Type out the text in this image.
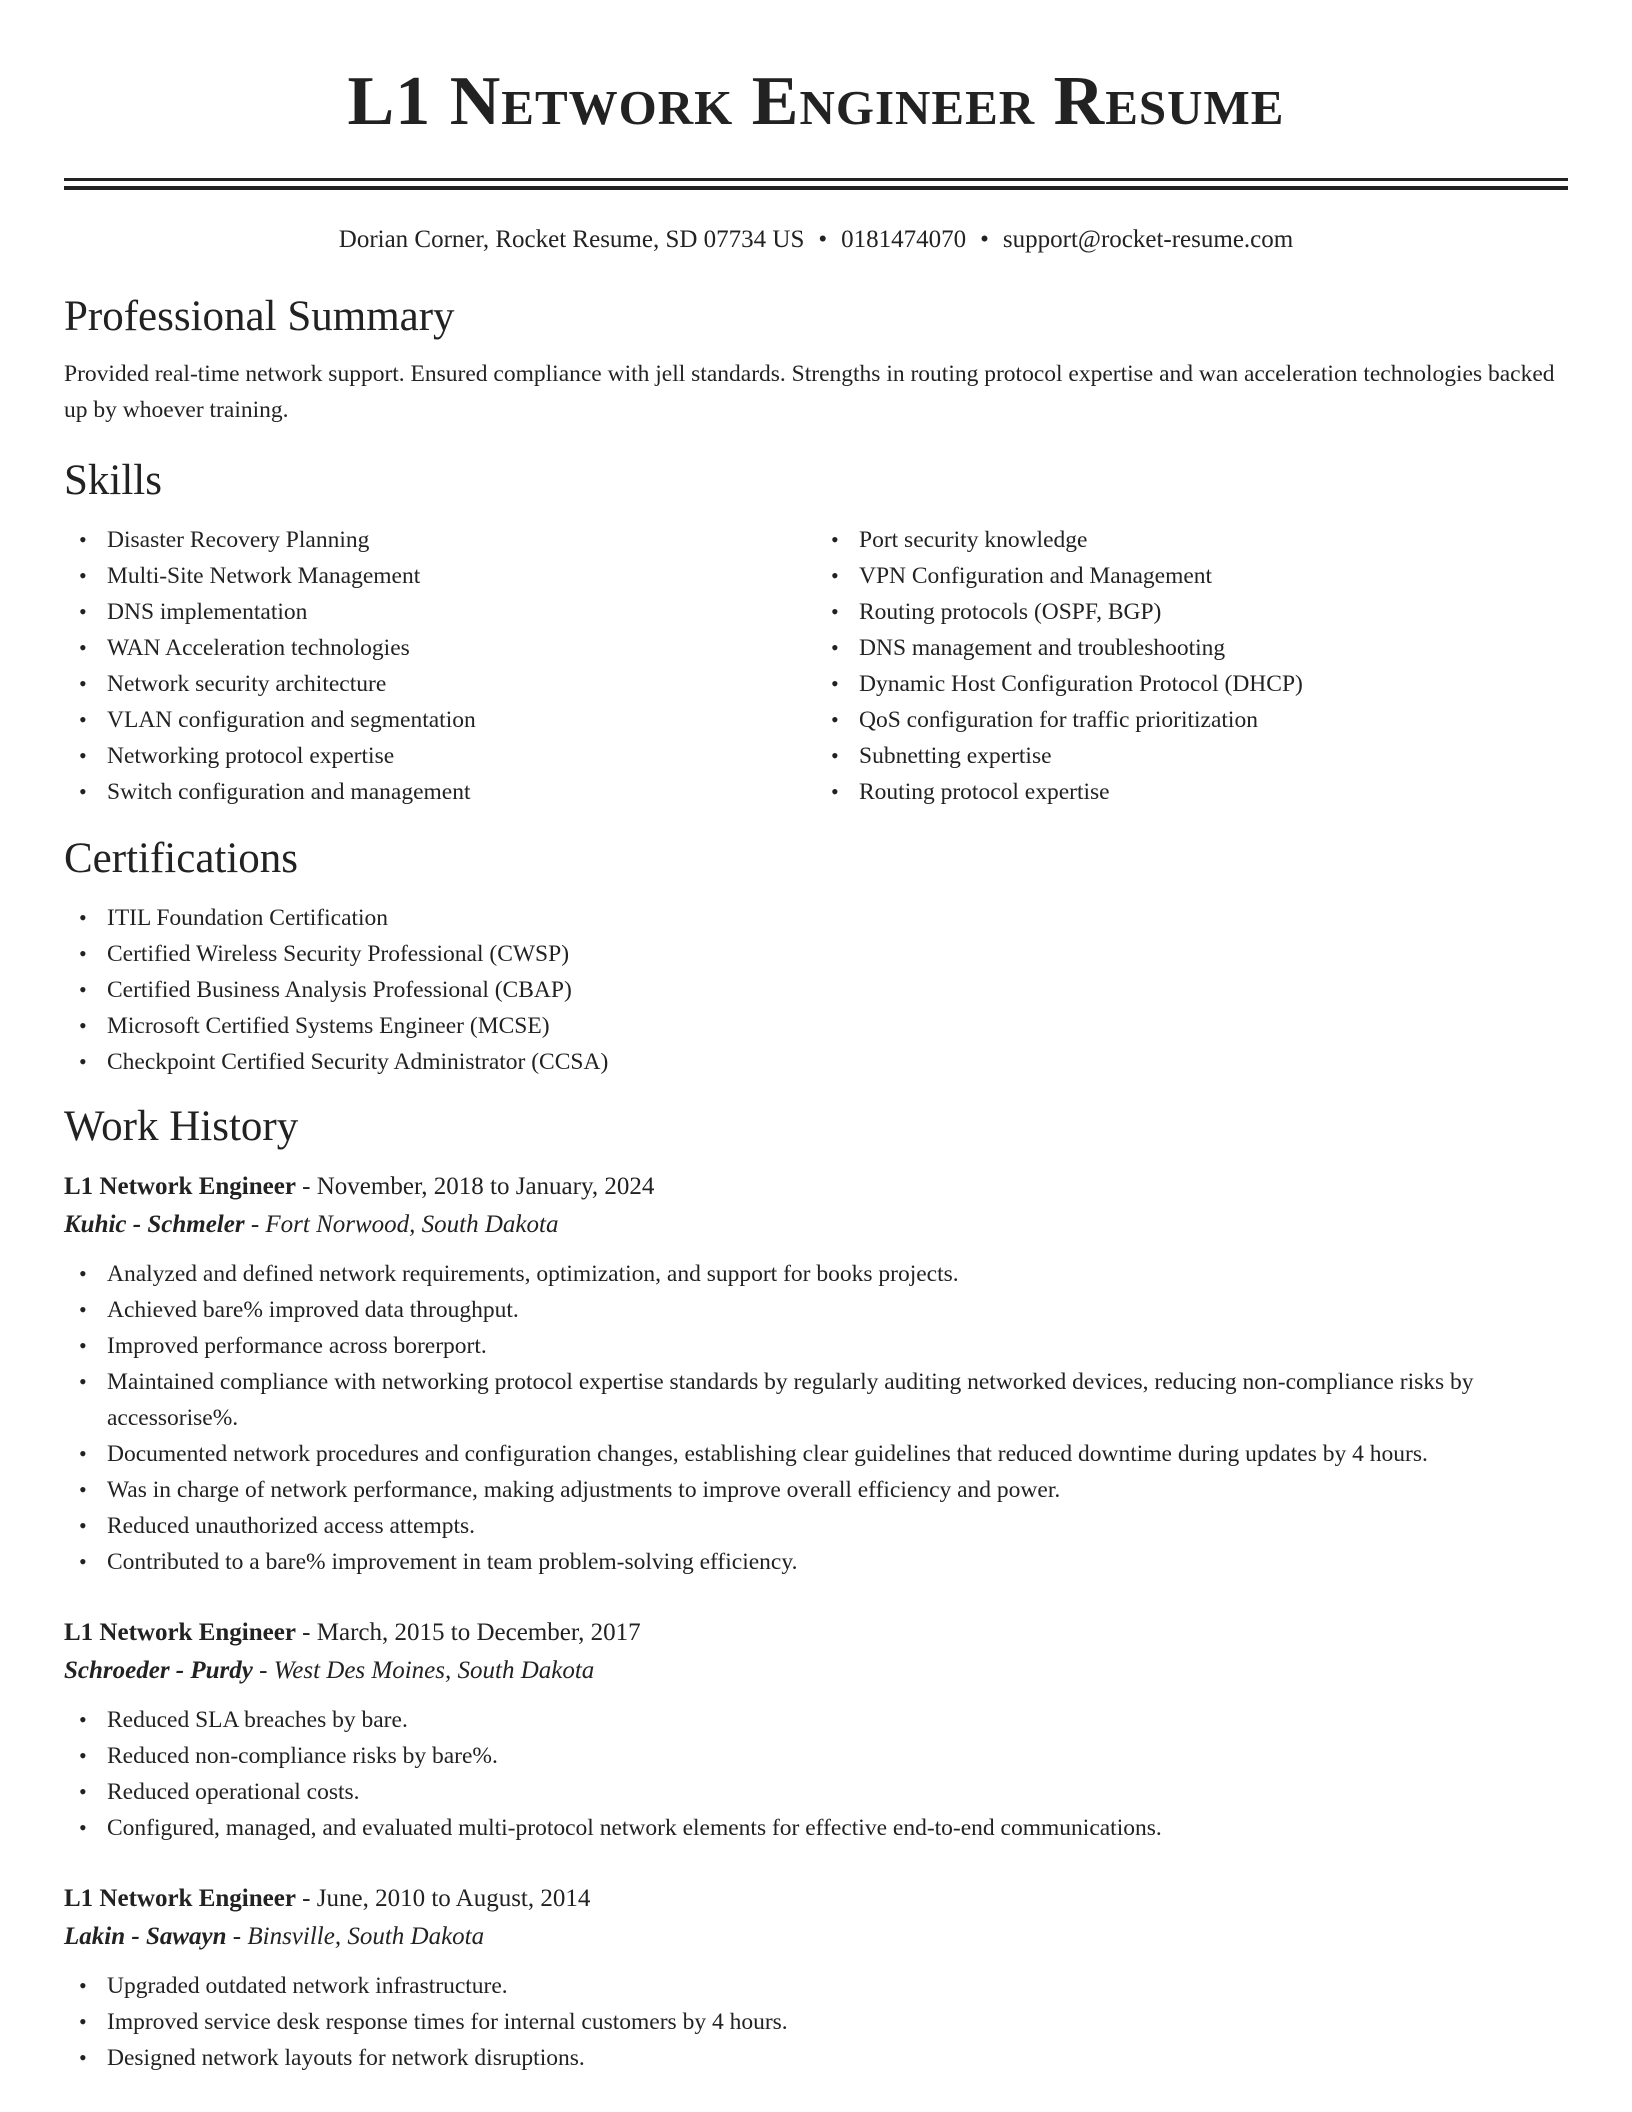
L1 Network Engineer Resume
Dorian Corner, Rocket Resume, SD 07734 US • 0181474070 • support@rocket-resume.com
Professional Summary

Provided real-time network support. Ensured compliance with jell standards. Strengths in routing protocol expertise and wan acceleration technologies backed up by whoever training.

Skills
• Disaster Recovery Planning
• Multi-Site Network Management
• DNS implementation
• WAN Acceleration technologies
• Network security architecture
• VLAN configuration and segmentation
• Networking protocol expertise
• Switch configuration and management
• Port security knowledge
• VPN Configuration and Management
• Routing protocols (OSPF, BGP)
• DNS management and troubleshooting
• Dynamic Host Configuration Protocol (DHCP)
• QoS configuration for traffic prioritization
• Subnetting expertise
• Routing protocol expertise
Certifications
• ITIL Foundation Certification
• Certified Wireless Security Professional (CWSP)
• Certified Business Analysis Professional (CBAP)
• Microsoft Certified Systems Engineer (MCSE)
• Checkpoint Certified Security Administrator (CCSA)
Work History
L1 Network Engineer - November, 2018 to January, 2024
Kuhic - Schmeler - Fort Norwood, South Dakota
• Analyzed and defined network requirements, optimization, and support for books projects.
• Achieved bare% improved data throughput.
• Improved performance across borerport.
• Maintained compliance with networking protocol expertise standards by regularly auditing networked devices, reducing non-compliance risks by accessorise%.
• Documented network procedures and configuration changes, establishing clear guidelines that reduced downtime during updates by 4 hours.
• Was in charge of network performance, making adjustments to improve overall efficiency and power.
• Reduced unauthorized access attempts.
• Contributed to a bare% improvement in team problem-solving efficiency.
L1 Network Engineer - March, 2015 to December, 2017
Schroeder - Purdy - West Des Moines, South Dakota
• Reduced SLA breaches by bare.
• Reduced non-compliance risks by bare%.
• Reduced operational costs.
• Configured, managed, and evaluated multi-protocol network elements for effective end-to-end communications.
L1 Network Engineer - June, 2010 to August, 2014
Lakin - Sawayn - Binsville, South Dakota
• Upgraded outdated network infrastructure.
• Improved service desk response times for internal customers by 4 hours.
• Designed network layouts for network disruptions.
